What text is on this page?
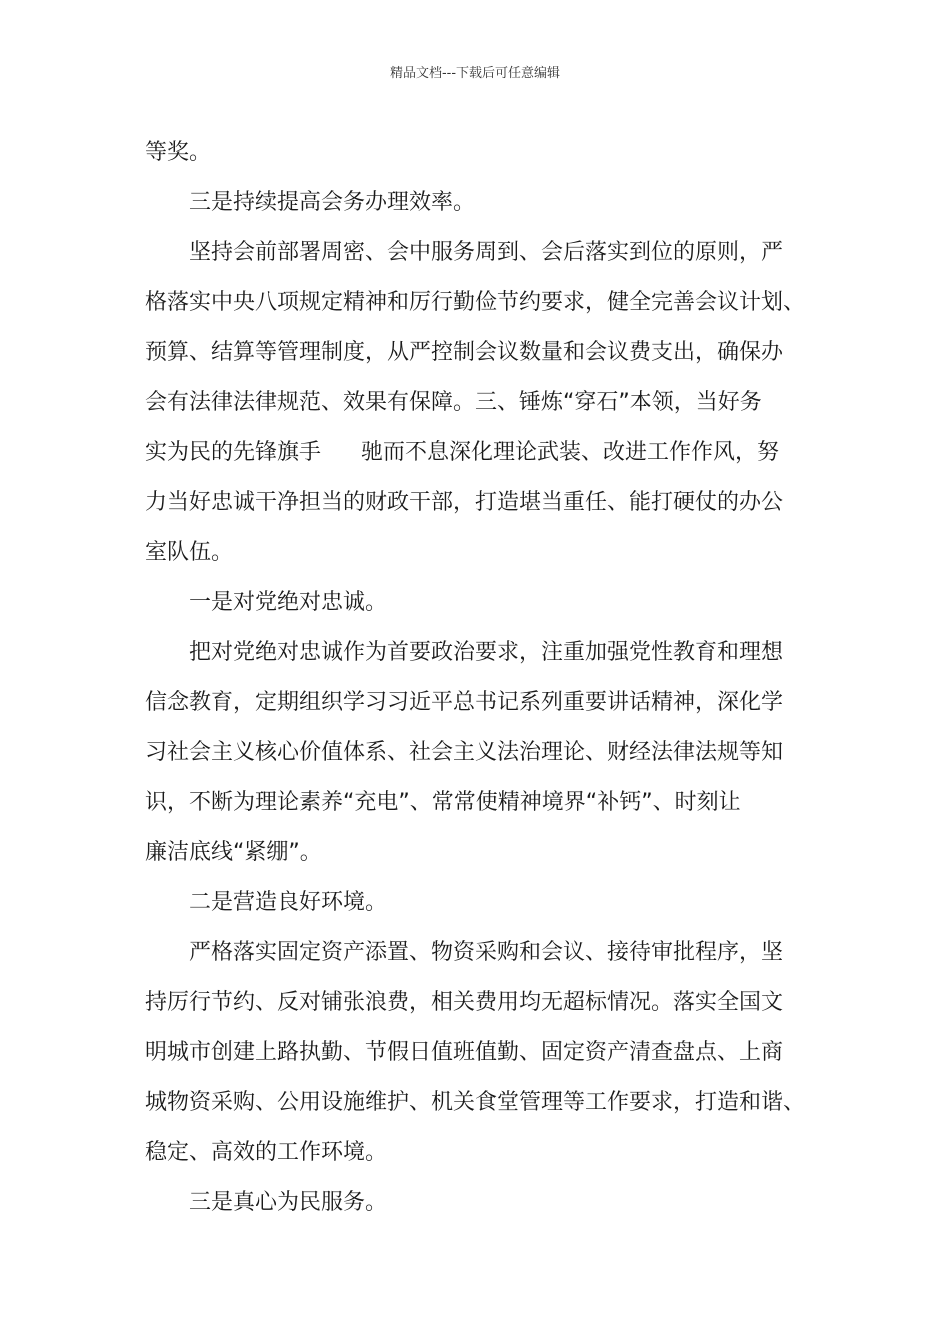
精品文档---下载后可任意编辑
等奖。
三是持续提高会务办理效率。
坚持会前部署周密、会中服务周到、会后落实到位的原则，严
格落实中央八项规定精神和厉行勤俭节约要求，健全完善会议计划、
预算、结算等管理制度，从严控制会议数量和会议费支出，确保办
会有法律法律规范、效果有保障。三、锤炼“穿石”本领，当好务
实为民的先锋旗手 驰而不息深化理论武装、改进工作作风，努
力当好忠诚干净担当的财政干部，打造堪当重任、能打硬仗的办公
室队伍。
一是对党绝对忠诚。
把对党绝对忠诚作为首要政治要求，注重加强党性教育和理想
信念教育，定期组织学习习近平总书记系列重要讲话精神，深化学
习社会主义核心价值体系、社会主义法治理论、财经法律法规等知
识，不断为理论素养“充电”、常常使精神境界“补钙”、时刻让
廉洁底线“紧绷”。
二是营造良好环境。
严格落实固定资产添置、物资采购和会议、接待审批程序，坚
持厉行节约、反对铺张浪费，相关费用均无超标情况。落实全国文
明城市创建上路执勤、节假日值班值勤、固定资产清查盘点、上商
城物资采购、公用设施维护、机关食堂管理等工作要求，打造和谐、
稳定、高效的工作环境。
三是真心为民服务。
